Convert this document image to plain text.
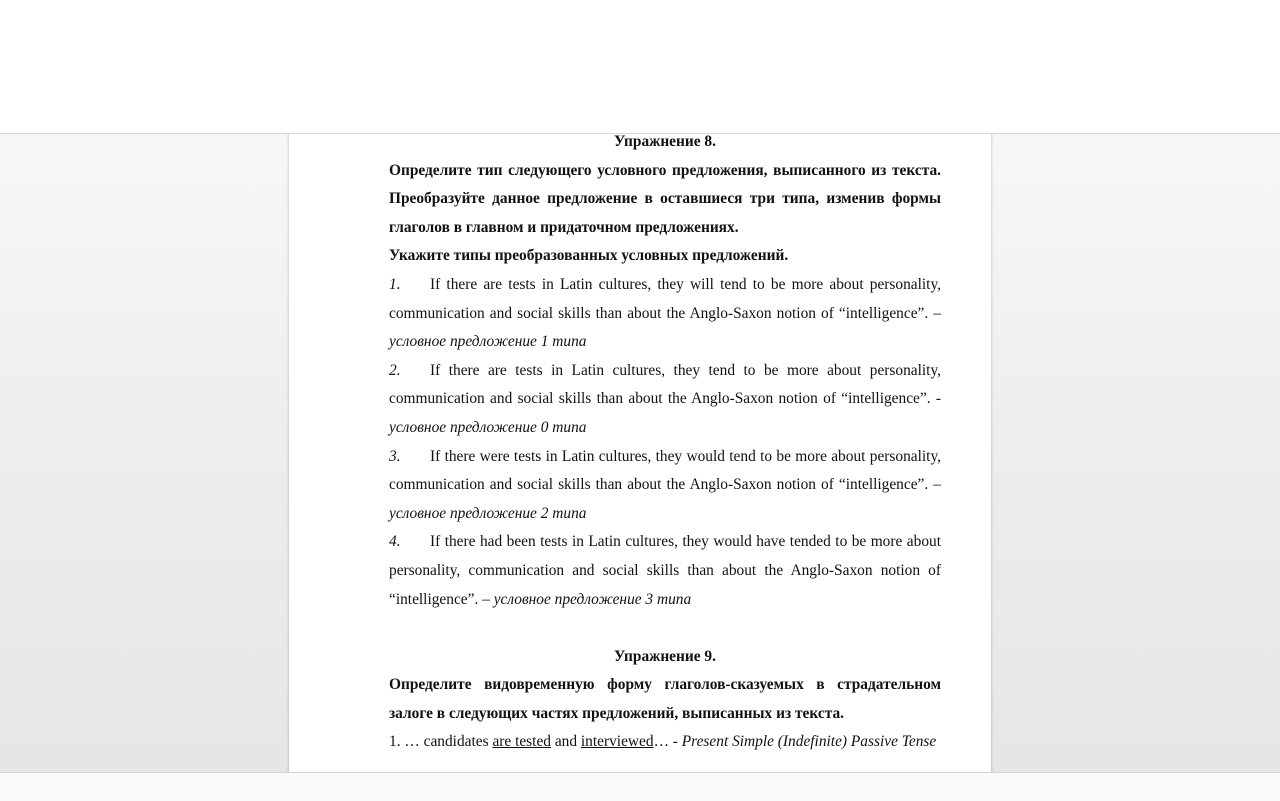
Упражнение 8.

Определите тип следующего условного предложения, выписанного из текста. Преобразуйте данное предложение в оставшиеся три типа, изменив формы глаголов в главном и придаточном предложениях.

Укажите типы преобразованных условных предложений.

1. If there are tests in Latin cultures, they will tend to be more about personality, communication and social skills than about the Anglo-Saxon notion of “intelligence”. – условное предложение 1 типа

2. If there are tests in Latin cultures, they tend to be more about personality, communication and social skills than about the Anglo-Saxon notion of “intelligence”. - условное предложение 0 типа

3. If there were tests in Latin cultures, they would tend to be more about personality, communication and social skills than about the Anglo-Saxon notion of “intelligence”. – условное предложение 2 типа

4. If there had been tests in Latin cultures, they would have tended to be more about personality, communication and social skills than about the Anglo-Saxon notion of “intelligence”. – условное предложение 3 типа

Упражнение 9.

Определите видовременную форму глаголов-сказуемых в страдательном залоге в следующих частях предложений, выписанных из текста.

1. … candidates are tested and interviewed… - Present Simple (Indefinite) Passive Tense
